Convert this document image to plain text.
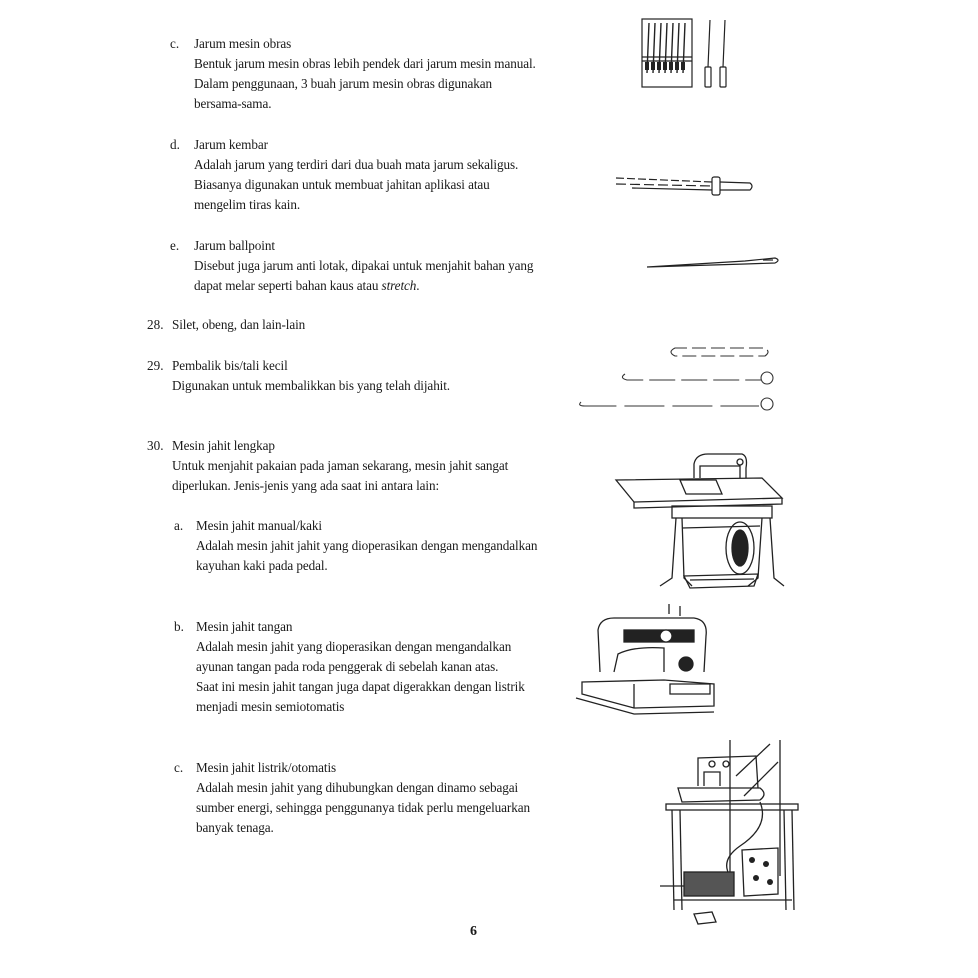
c. Jarum mesin obras
Bentuk jarum mesin obras lebih pendek dari jarum mesin manual.
Dalam penggunaan, 3 buah jarum mesin obras digunakan
bersama-sama.
d. Jarum kembar
Adalah jarum yang terdiri dari dua buah mata jarum sekaligus.
Biasanya digunakan untuk membuat jahitan aplikasi atau
mengelim tiras kain.
e. Jarum ballpoint
Disebut juga jarum anti lotak, dipakai untuk menjahit bahan yang
dapat melar seperti bahan kaus atau stretch.
28. Silet, obeng, dan lain-lain
29. Pembalik bis/tali kecil
Digunakan untuk membalikkan bis yang telah dijahit.
30. Mesin jahit lengkap
Untuk menjahit pakaian pada jaman sekarang, mesin jahit sangat
diperlukan. Jenis-jenis yang ada saat ini antara lain:
a. Mesin jahit manual/kaki
Adalah mesin jahit jahit yang dioperasikan dengan mengandalkan
kayuhan kaki pada pedal.
b. Mesin jahit tangan
Adalah mesin jahit yang dioperasikan dengan mengandalkan
ayunan tangan pada roda penggerak di sebelah kanan atas.
Saat ini mesin jahit tangan juga dapat digerakkan dengan listrik
menjadi mesin semiotomatis
c. Mesin jahit listrik/otomatis
Adalah mesin jahit yang dihubungkan dengan dinamo sebagai
sumber energi, sehingga penggunanya tidak perlu mengeluarkan
banyak tenaga.
6
